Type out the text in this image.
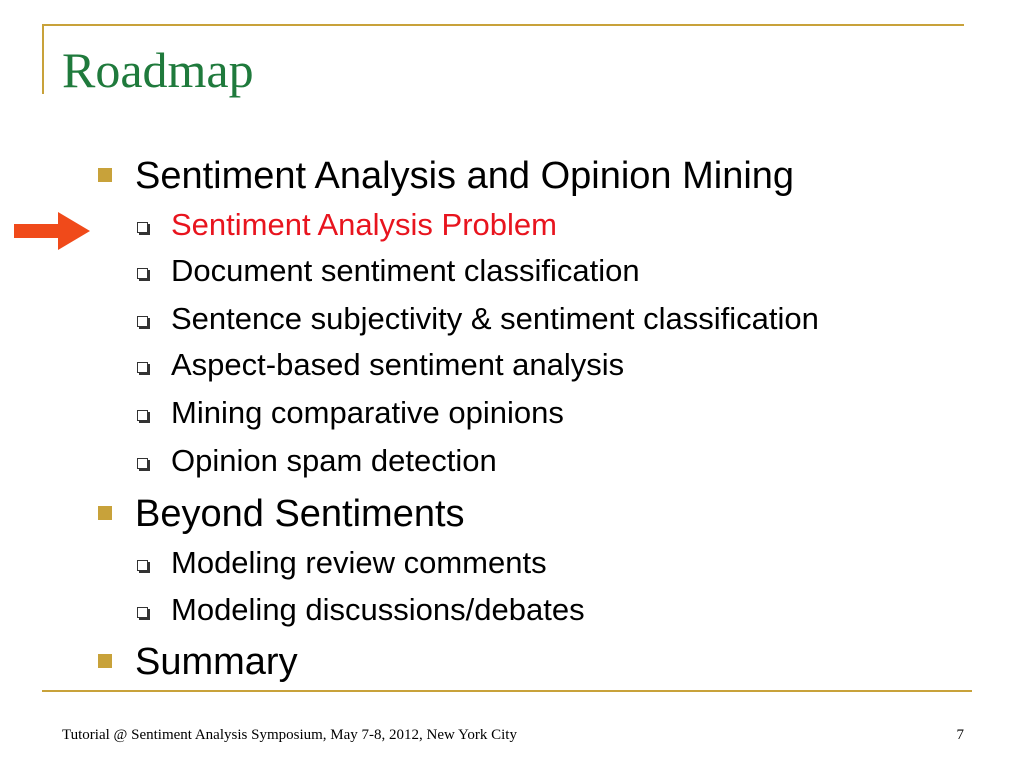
Roadmap
Sentiment Analysis and Opinion Mining
Sentiment Analysis Problem
Document sentiment classification
Sentence subjectivity & sentiment classification
Aspect-based sentiment analysis
Mining comparative opinions
Opinion spam detection
Beyond Sentiments
Modeling review comments
Modeling discussions/debates
Summary
Tutorial @ Sentiment Analysis Symposium, May 7-8, 2012, New York City	7
